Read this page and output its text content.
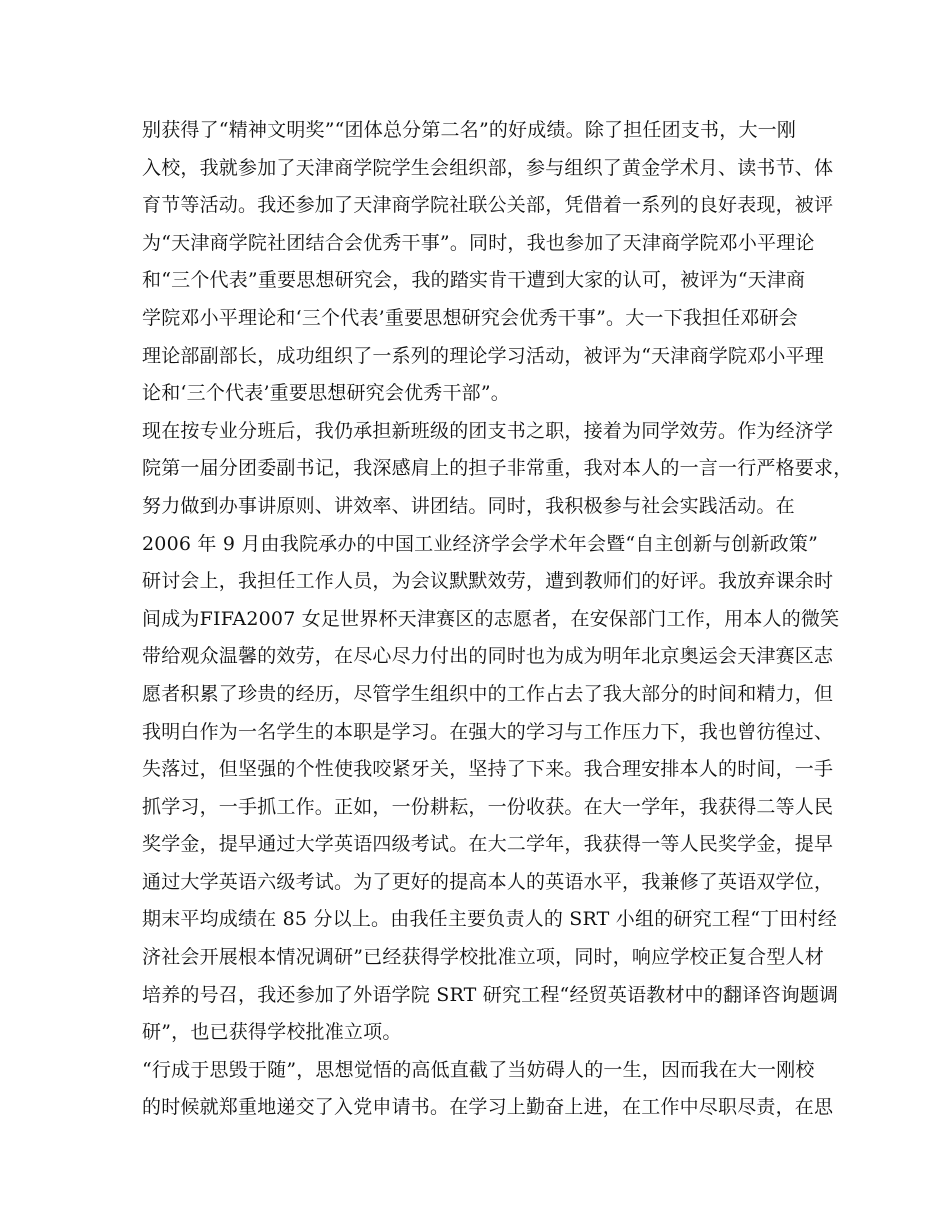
别获得了“精神文明奖”“团体总分第二名”的好成绩。除了担任团支书，大一刚
入校，我就参加了天津商学院学生会组织部，参与组织了黄金学术月、读书节、体
育节等活动。我还参加了天津商学院社联公关部，凭借着一系列的良好表现，被评
为“天津商学院社团结合会优秀干事”。同时，我也参加了天津商学院邓小平理论
和“三个代表”重要思想研究会，我的踏实肯干遭到大家的认可，被评为“天津商
学院邓小平理论和‘三个代表’重要思想研究会优秀干事”。大一下我担任邓研会
理论部副部长，成功组织了一系列的理论学习活动，被评为“天津商学院邓小平理
论和‘三个代表’重要思想研究会优秀干部”。
现在按专业分班后，我仍承担新班级的团支书之职，接着为同学效劳。作为经济学
院第一届分团委副书记，我深感肩上的担子非常重，我对本人的一言一行严格要求，
努力做到办事讲原则、讲效率、讲团结。同时，我积极参与社会实践活动。在
2006 年 9 月由我院承办的中国工业经济学会学术年会暨“自主创新与创新政策”
研讨会上，我担任工作人员，为会议默默效劳，遭到教师们的好评。我放弃课余时
间成为FIFA2007 女足世界杯天津赛区的志愿者，在安保部门工作，用本人的微笑
带给观众温馨的效劳，在尽心尽力付出的同时也为成为明年北京奥运会天津赛区志
愿者积累了珍贵的经历，尽管学生组织中的工作占去了我大部分的时间和精力，但
我明白作为一名学生的本职是学习。在强大的学习与工作压力下，我也曾彷徨过、
失落过，但坚强的个性使我咬紧牙关，坚持了下来。我合理安排本人的时间，一手
抓学习，一手抓工作。正如，一份耕耘，一份收获。在大一学年，我获得二等人民
奖学金，提早通过大学英语四级考试。在大二学年，我获得一等人民奖学金，提早
通过大学英语六级考试。为了更好的提高本人的英语水平，我兼修了英语双学位，
期末平均成绩在 85 分以上。由我任主要负责人的 SRT 小组的研究工程“丁田村经
济社会开展根本情况调研”已经获得学校批准立项，同时，响应学校正复合型人材
培养的号召，我还参加了外语学院 SRT 研究工程“经贸英语教材中的翻译咨询题调
研”，也已获得学校批准立项。
“行成于思毁于随”，思想觉悟的高低直截了当妨碍人的一生，因而我在大一刚校
的时候就郑重地递交了入党申请书。在学习上勤奋上进，在工作中尽职尽责，在思
